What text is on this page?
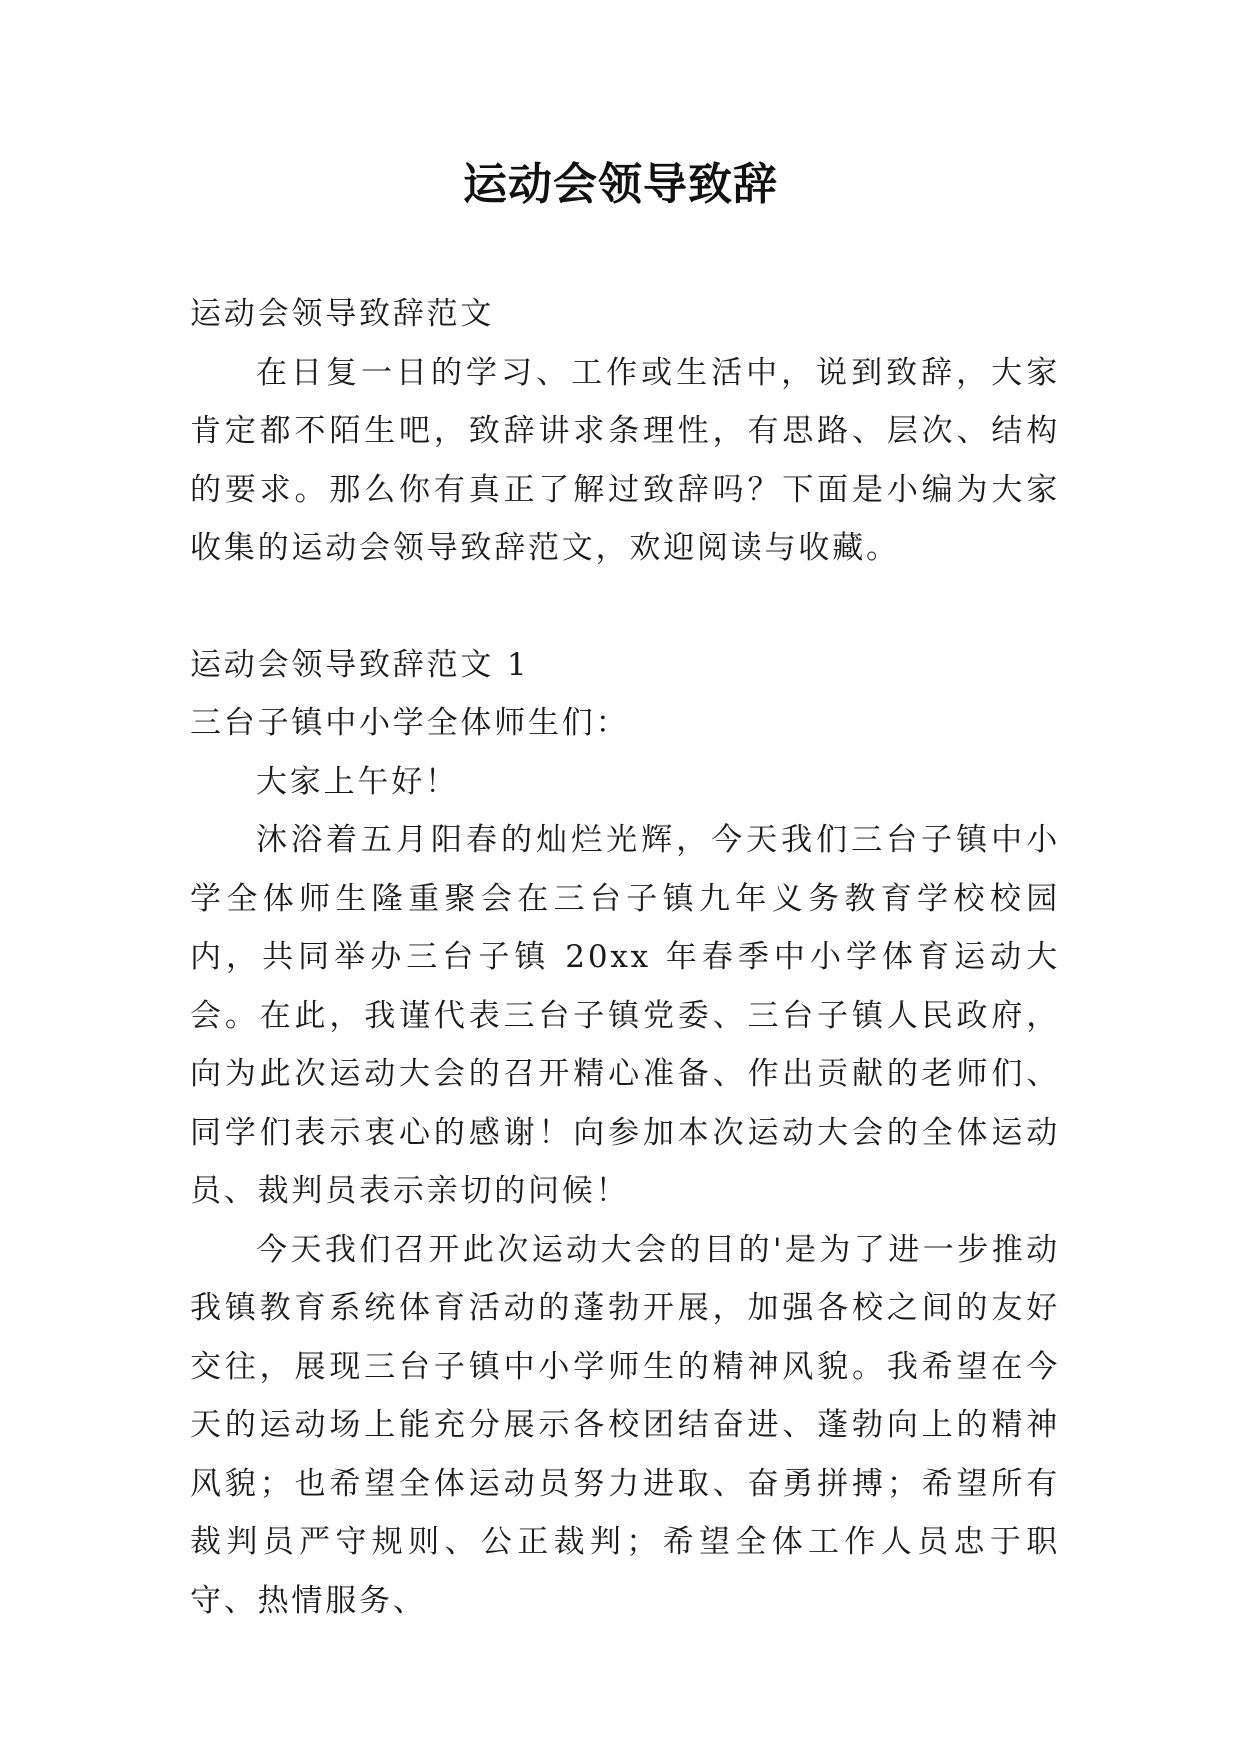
运动会领导致辞

运动会领导致辞范文

在日复一日的学习、工作或生活中，说到致辞，大家肯定都不陌生吧，致辞讲求条理性，有思路、层次、结构的要求。那么你有真正了解过致辞吗？下面是小编为大家收集的运动会领导致辞范文，欢迎阅读与收藏。

运动会领导致辞范文 1

三台子镇中小学全体师生们：

大家上午好！

沐浴着五月阳春的灿烂光辉，今天我们三台子镇中小学全体师生隆重聚会在三台子镇九年义务教育学校校园内，共同举办三台子镇 20xx 年春季中小学体育运动大会。在此，我谨代表三台子镇党委、三台子镇人民政府，向为此次运动大会的召开精心准备、作出贡献的老师们、同学们表示衷心的感谢！向参加本次运动大会的全体运动员、裁判员表示亲切的问候！

今天我们召开此次运动大会的目的'是为了进一步推动我镇教育系统体育活动的蓬勃开展，加强各校之间的友好交往，展现三台子镇中小学师生的精神风貌。我希望在今天的运动场上能充分展示各校团结奋进、蓬勃向上的精神风貌；也希望全体运动员努力进取、奋勇拼搏；希望所有裁判员严守规则、公正裁判；希望全体工作人员忠于职守、热情服务、
